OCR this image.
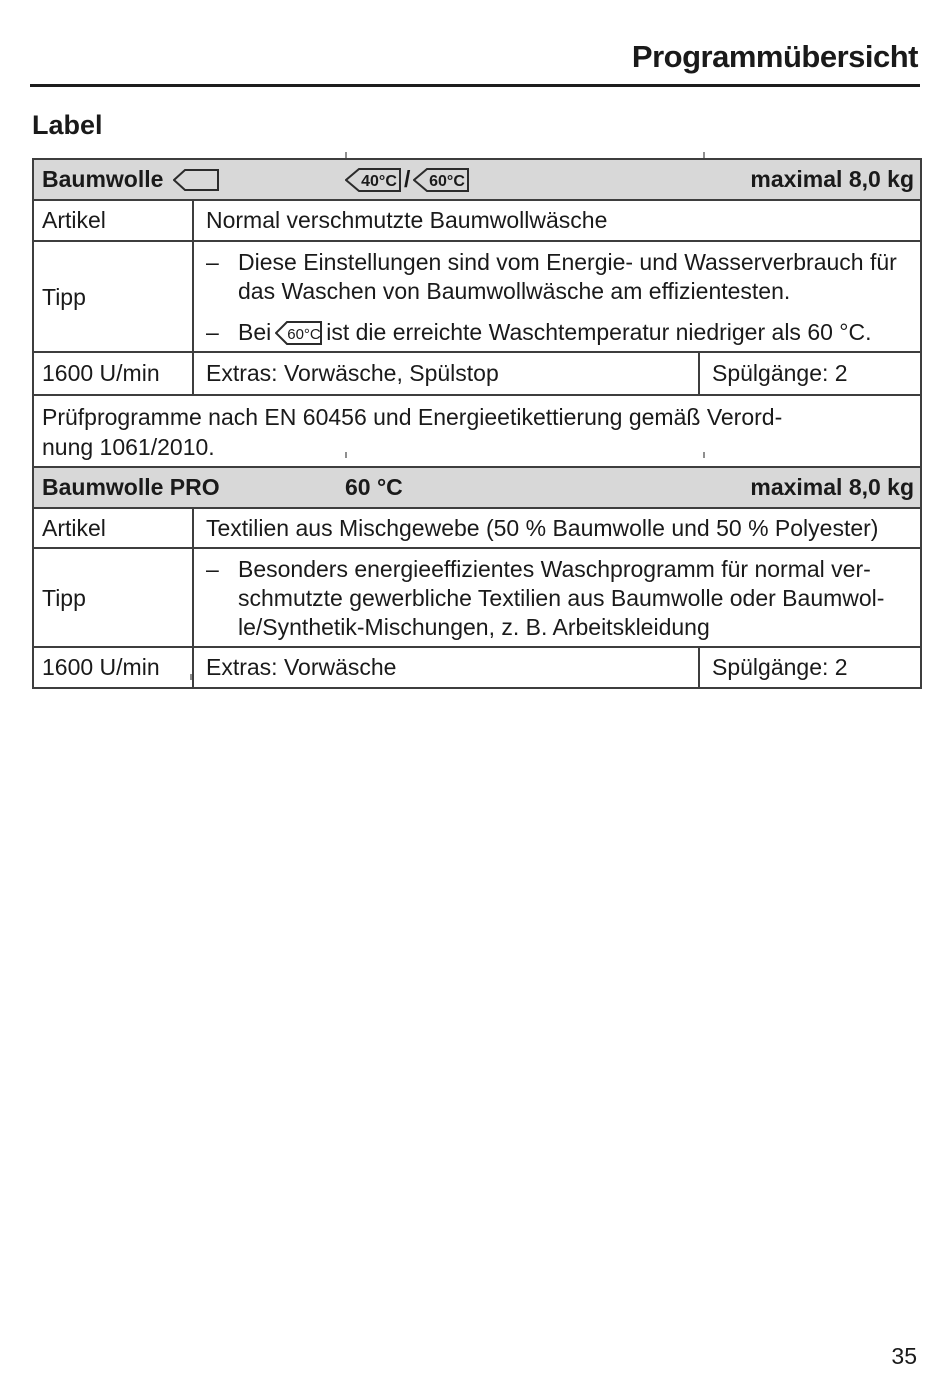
Programmübersicht
Label
Baumwolle 40°C / 60°C maximal 8,0 kg		

Artikel	Normal verschmutzte Baumwollwäsche	
Tipp	
– Diese Einstellungen sind vom Energie- und Wasserverbrauch für
das Waschen von Baumwollwäsche am effizientesten.
– Bei 60°C ist die erreichte Waschtemperatur niedriger als 60 °C.

1600 U/min	Extras: Vorwäsche, Spülstop	Spülgänge: 2

Prüfprogramme nach EN 60456 und Energieetikettierung gemäß Verord-
nung 1061/2010.		

Baumwolle PRO 60 °C maximal 8,0 kg		

Artikel	Textilien aus Mischgewebe (50 % Baumwolle und 50 % Polyester)	
Tipp	– Besonders energieeffizientes Waschprogramm für normal ver-
schmutzte gewerbliche Textilien aus Baumwolle oder Baumwol-
le/Synthetik-Mischungen, z. B. Arbeitskleidung	

1600 U/min	Extras: Vorwäsche	Spülgänge: 2
35
